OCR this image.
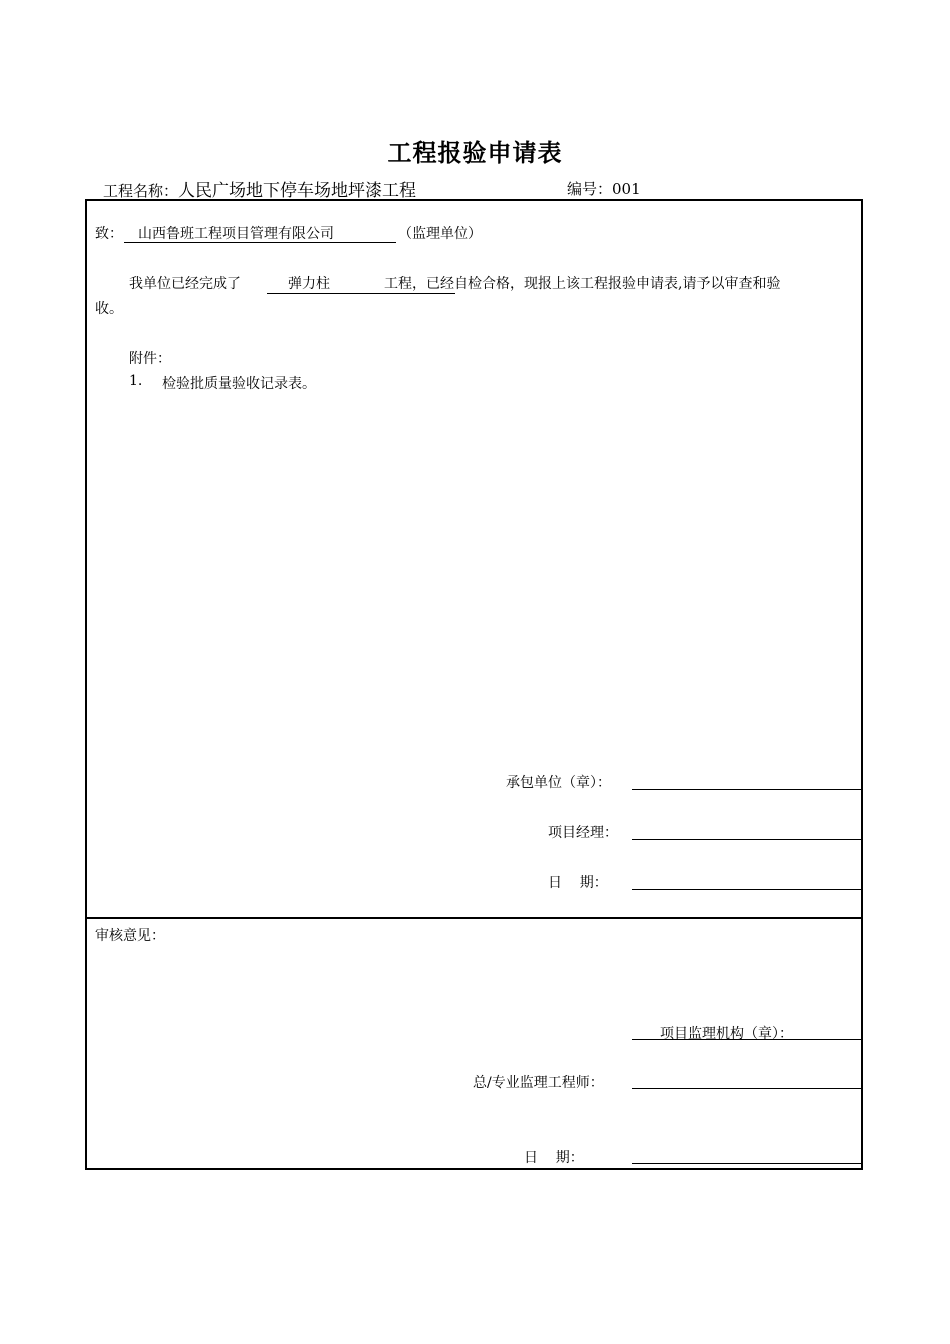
工程报验申请表
工程名称：人民广场地下停车场地坪漆工程	编号：001
致： 山西鲁班工程项目管理有限公司	（监理单位）
我单位已经完成了	弹力柱	工程，已经自检合格，现报上该工程报验申请表,请予以审查和验
收。
附件：
1. 检验批质量验收记录表。
承包单位（章）：
项目经理：
日    期：
审核意见：
项目监理机构（章）：
总/专业监理工程师：
日    期：
